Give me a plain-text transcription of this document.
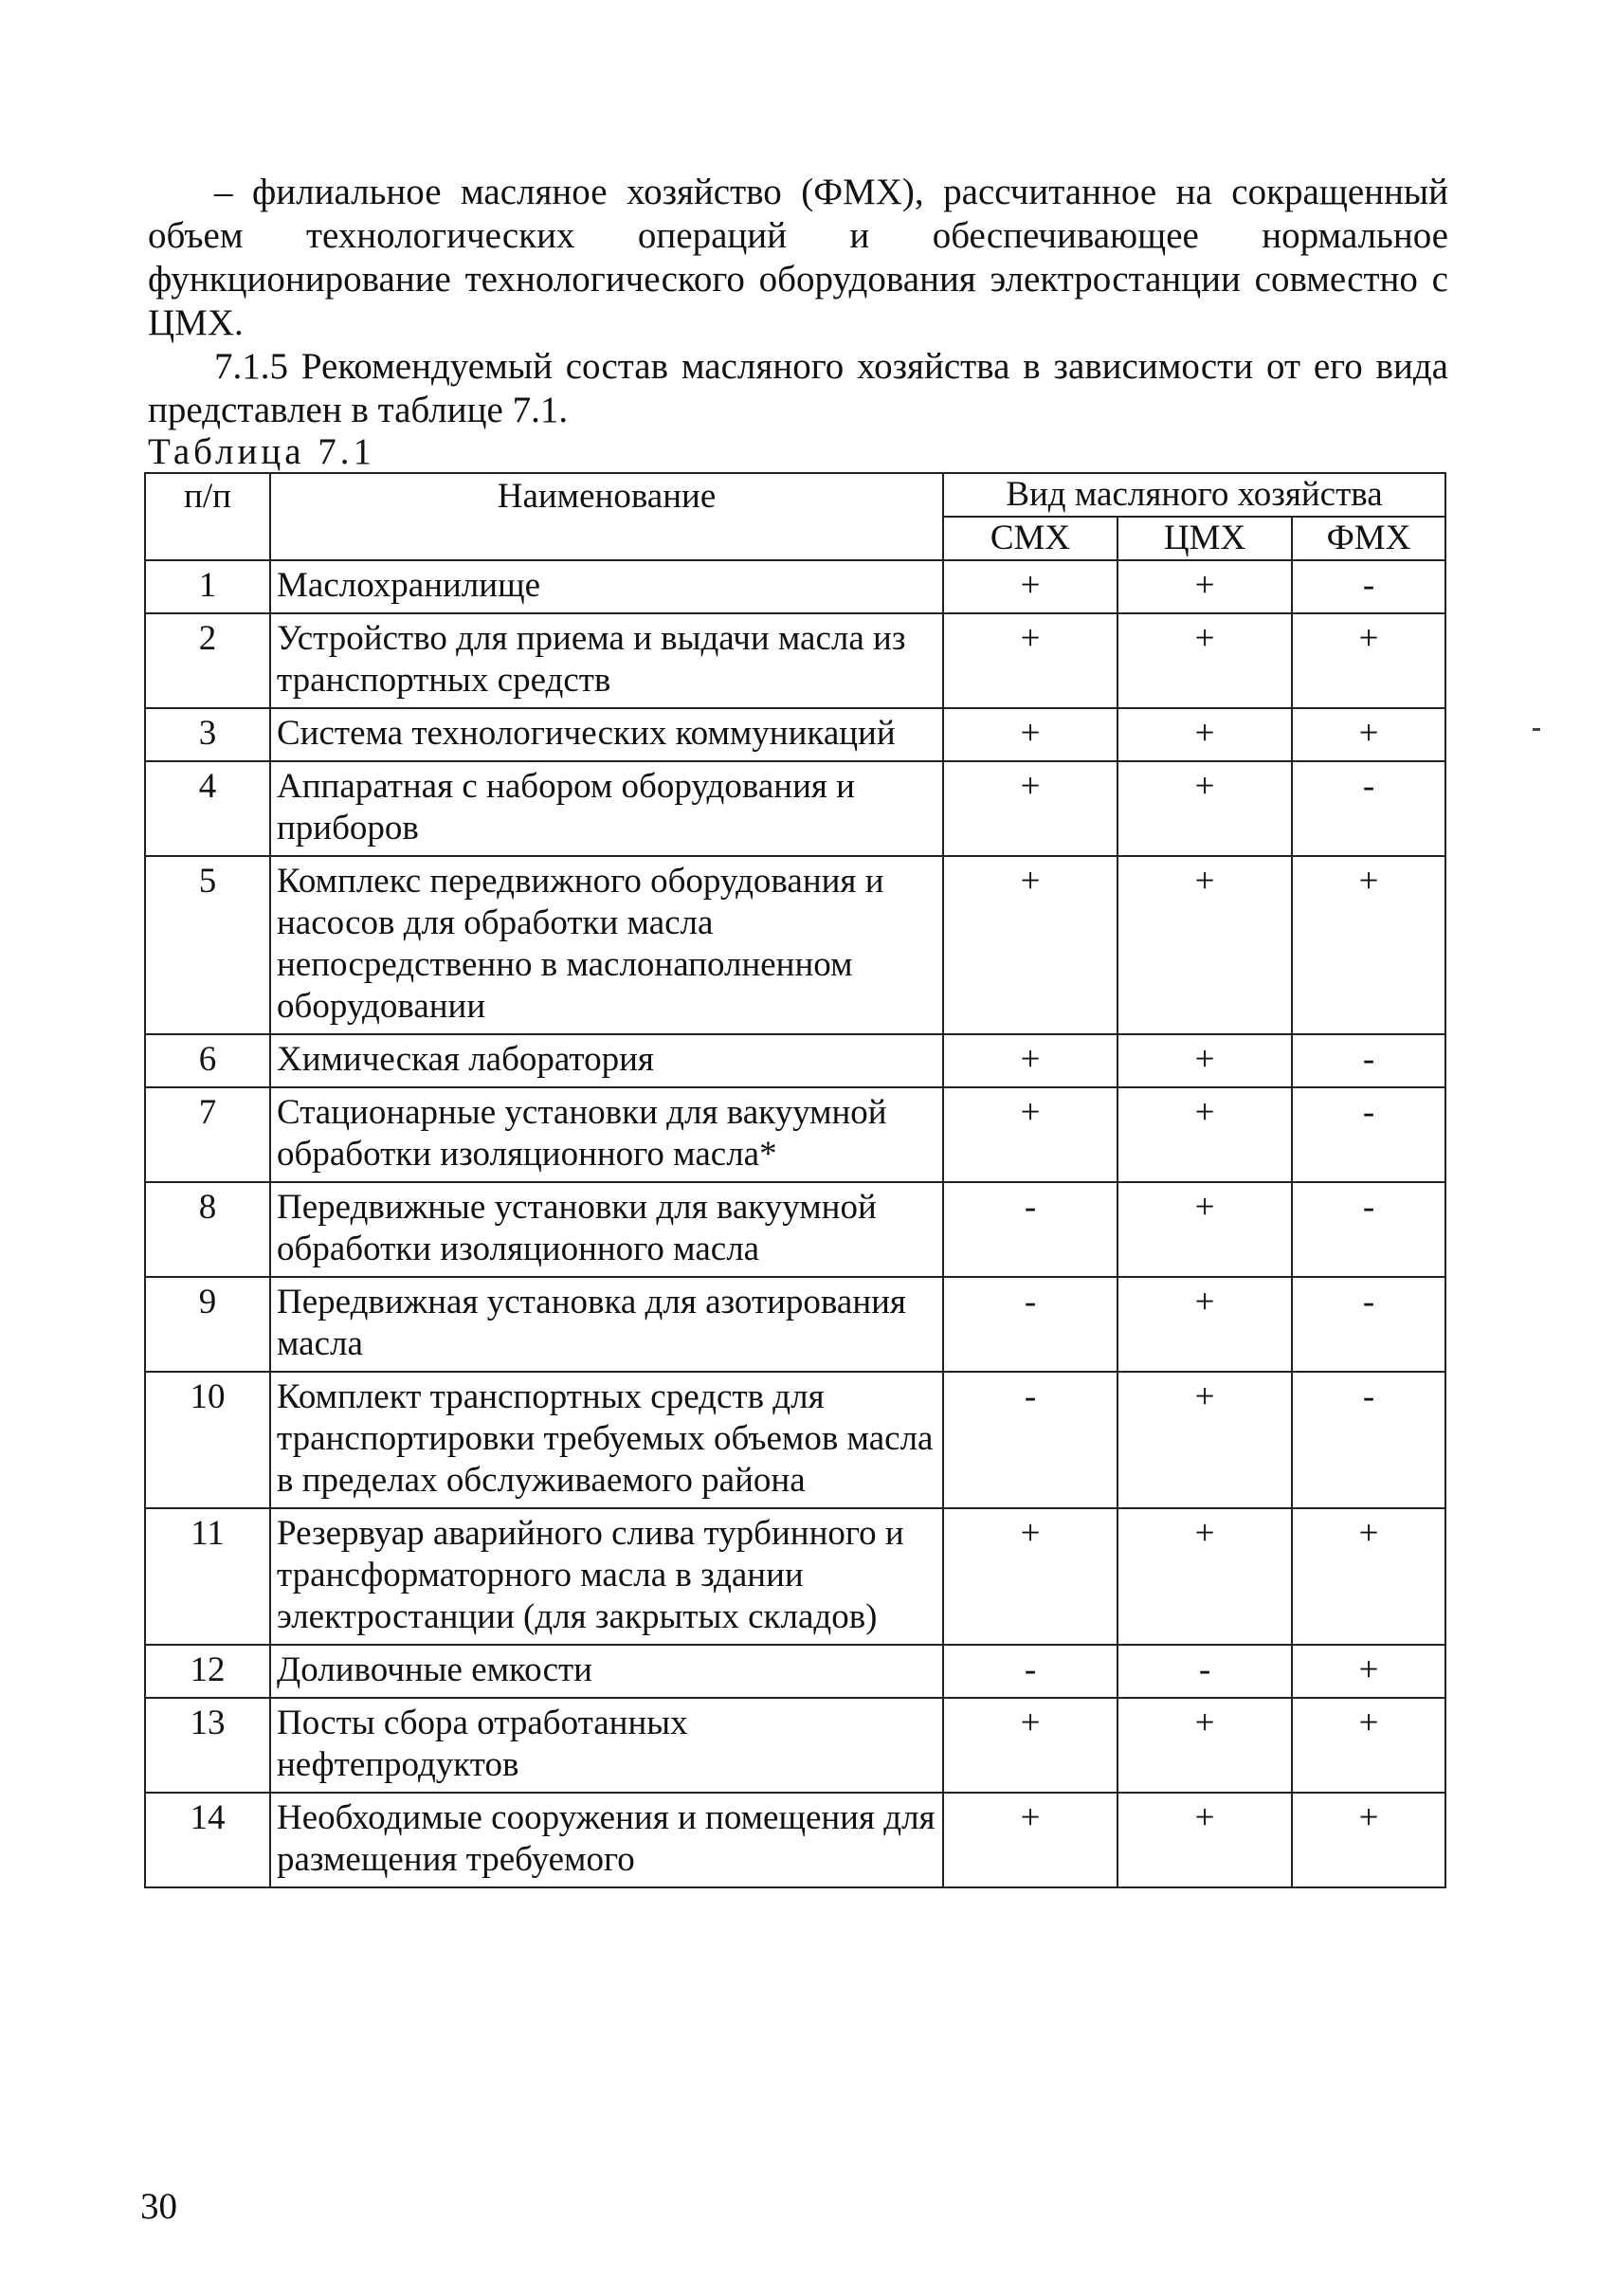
– филиальное масляное хозяйство (ФМХ), рассчитанное на сокращенный объем технологических операций и обеспечивающее нормальное функционирование технологического оборудования электростанции совместно с ЦМХ.

7.1.5 Рекомендуемый состав масляного хозяйства в зависимости от его вида представлен в таблице 7.1.

Таблица 7.1

п/п	Наименование	Вид масляного хозяйства		
		СМХ	ЦМХ	ФМХ
1	Маслохранилище	+	+	-
2	Устройство для приема и выдачи масла из транспортных средств	+	+	+
3	Система технологических коммуникаций	+	+	+
4	Аппаратная с набором оборудования и приборов	+	+	-
5	Комплекс передвижного оборудования и насосов для обработки масла непосредственно в маслонаполненном оборудовании	+	+	+
6	Химическая лаборатория	+	+	-
7	Стационарные установки для вакуумной обработки изоляционного масла*	+	+	-
8	Передвижные установки для вакуумной обработки изоляционного масла	-	+	-
9	Передвижная установка для азотирования масла	-	+	-
10	Комплект транспортных средств для транспортировки требуемых объемов масла в пределах обслуживаемого района	-	+	-
11	Резервуар аварийного слива турбинного и трансформаторного масла в здании электростанции (для закрытых складов)	+	+	+
12	Доливочные емкости	-	-	+
13	Посты сбора отработанных нефтепродуктов	+	+	+
14	Необходимые сооружения и помещения для размещения требуемого	+	+	+
30
